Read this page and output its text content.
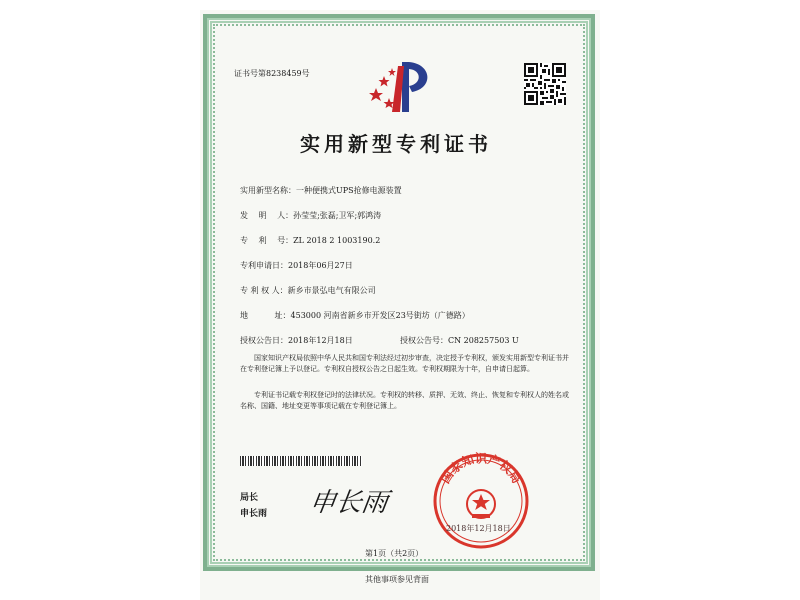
证书号第8238459号
实用新型专利证书
实用新型名称：一种便携式UPS抢修电源装置
发　 明　 人：孙莹莹;张磊;卫军;郭鸿涛
专　 利　 号：ZL 2018 2 1003190.2
专利申请日：2018年06月27日
专 利 权 人：新乡市景弘电气有限公司
地　　　 址：453000 河南省新乡市开发区23号街坊（广德路）
授权公告日：2018年12月18日	授权公告号：CN 208257503 U
国家知识产权局依照中华人民共和国专利法经过初步审查，决定授予专利权，颁发实用新型专利证书并在专利登记簿上予以登记。专利权自授权公告之日起生效。专利权期限为十年，自申请日起算。
专利证书记载专利权登记时的法律状况。专利权的转移、质押、无效、终止、恢复和专利权人的姓名或名称、国籍、地址变更等事项记载在专利登记簿上。
局长
申长雨 申长雨
国家知识产权局
2018年12月18日
第1页（共2页）
其他事项参见背面
